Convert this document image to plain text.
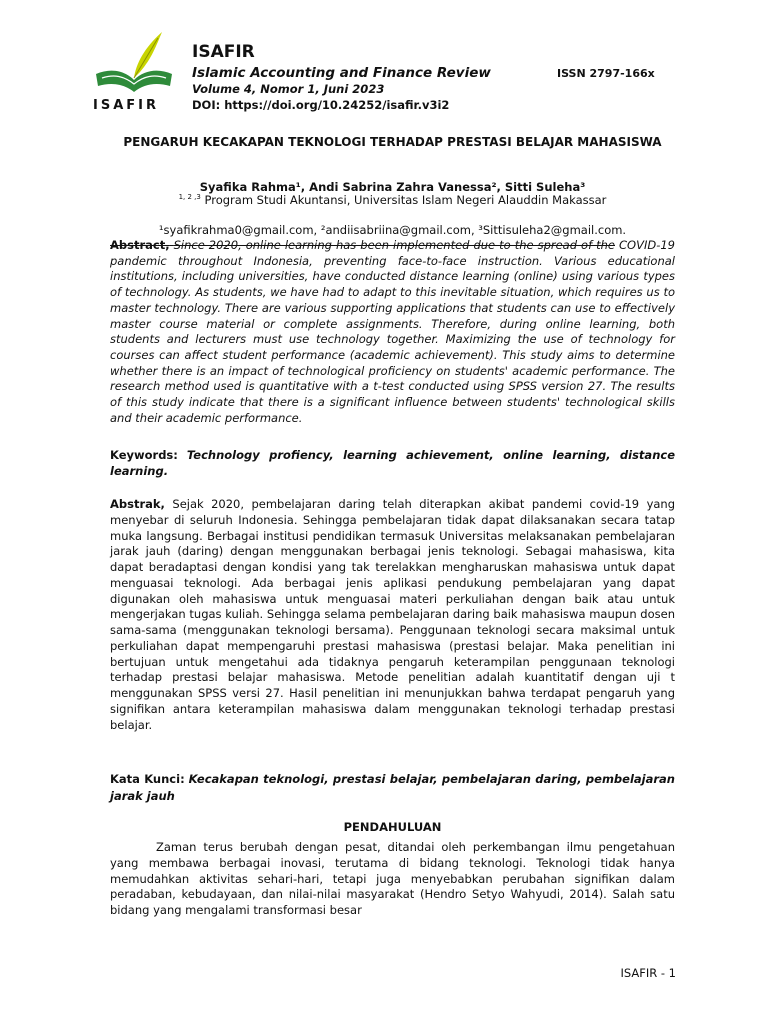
ISAFIR
ISAFIR
Islamic Accounting and Finance Review	ISSN 2797-166x
Volume 4, Nomor 1, Juni 2023
DOI: https://doi.org/10.24252/isafir.v3i2
PENGARUH KECAKAPAN TEKNOLOGI TERHADAP PRESTASI BELAJAR MAHASISWA
Syafika Rahma¹, Andi Sabrina Zahra Vanessa², Sitti Suleha³
$^{1, 2 ,3}$ Program Studi Akuntansi, Universitas Islam Negeri Alauddin Makassar
¹syafikrahma0@gmail.com, ²andiisabriina@gmail.com, ³Sittisuleha2@gmail.com.
Abstract, Since 2020, online learning has been implemented due to the spread of the COVID-19 pandemic throughout Indonesia, preventing face-to-face instruction. Various educational institutions, including universities, have conducted distance learning (online) using various types of technology. As students, we have had to adapt to this inevitable situation, which requires us to master technology. There are various supporting applications that students can use to effectively master course material or complete assignments. Therefore, during online learning, both students and lecturers must use technology together. Maximizing the use of technology for courses can affect student performance (academic achievement). This study aims to determine whether there is an impact of technological proficiency on students' academic performance. The research method used is quantitative with a t-test conducted using SPSS version 27. The results of this study indicate that there is a significant influence between students' technological skills and their academic performance.
Keywords: Technology profiency, learning achievement, online learning, distance learning.
Abstrak, Sejak 2020, pembelajaran daring telah diterapkan akibat pandemi covid-19 yang menyebar di seluruh Indonesia. Sehingga pembelajaran tidak dapat dilaksanakan secara tatap muka langsung. Berbagai institusi pendidikan termasuk Universitas melaksanakan pembelajaran jarak jauh (daring) dengan menggunakan berbagai jenis teknologi. Sebagai mahasiswa, kita dapat beradaptasi dengan kondisi yang tak terelakkan mengharuskan mahasiswa untuk dapat menguasai teknologi. Ada berbagai jenis aplikasi pendukung pembelajaran yang dapat digunakan oleh mahasiswa untuk menguasai materi perkuliahan dengan baik atau untuk mengerjakan tugas kuliah. Sehingga selama pembelajaran daring baik mahasiswa maupun dosen sama-sama (menggunakan teknologi bersama). Penggunaan teknologi secara maksimal untuk perkuliahan dapat mempengaruhi prestasi mahasiswa (prestasi belajar. Maka penelitian ini bertujuan untuk mengetahui ada tidaknya pengaruh keterampilan penggunaan teknologi terhadap prestasi belajar mahasiswa. Metode penelitian adalah kuantitatif dengan uji t menggunakan SPSS versi 27. Hasil penelitian ini menunjukkan bahwa terdapat pengaruh yang signifikan antara keterampilan mahasiswa dalam menggunakan teknologi terhadap prestasi belajar.
Kata Kunci: Kecakapan teknologi, prestasi belajar, pembelajaran daring, pembelajaran jarak jauh
PENDAHULUAN
Zaman terus berubah dengan pesat, ditandai oleh perkembangan ilmu pengetahuan yang membawa berbagai inovasi, terutama di bidang teknologi. Teknologi tidak hanya memudahkan aktivitas sehari-hari, tetapi juga menyebabkan perubahan signifikan dalam peradaban, kebudayaan, dan nilai-nilai masyarakat (Hendro Setyo Wahyudi, 2014). Salah satu bidang yang mengalami transformasi besar
ISAFIR - 1
